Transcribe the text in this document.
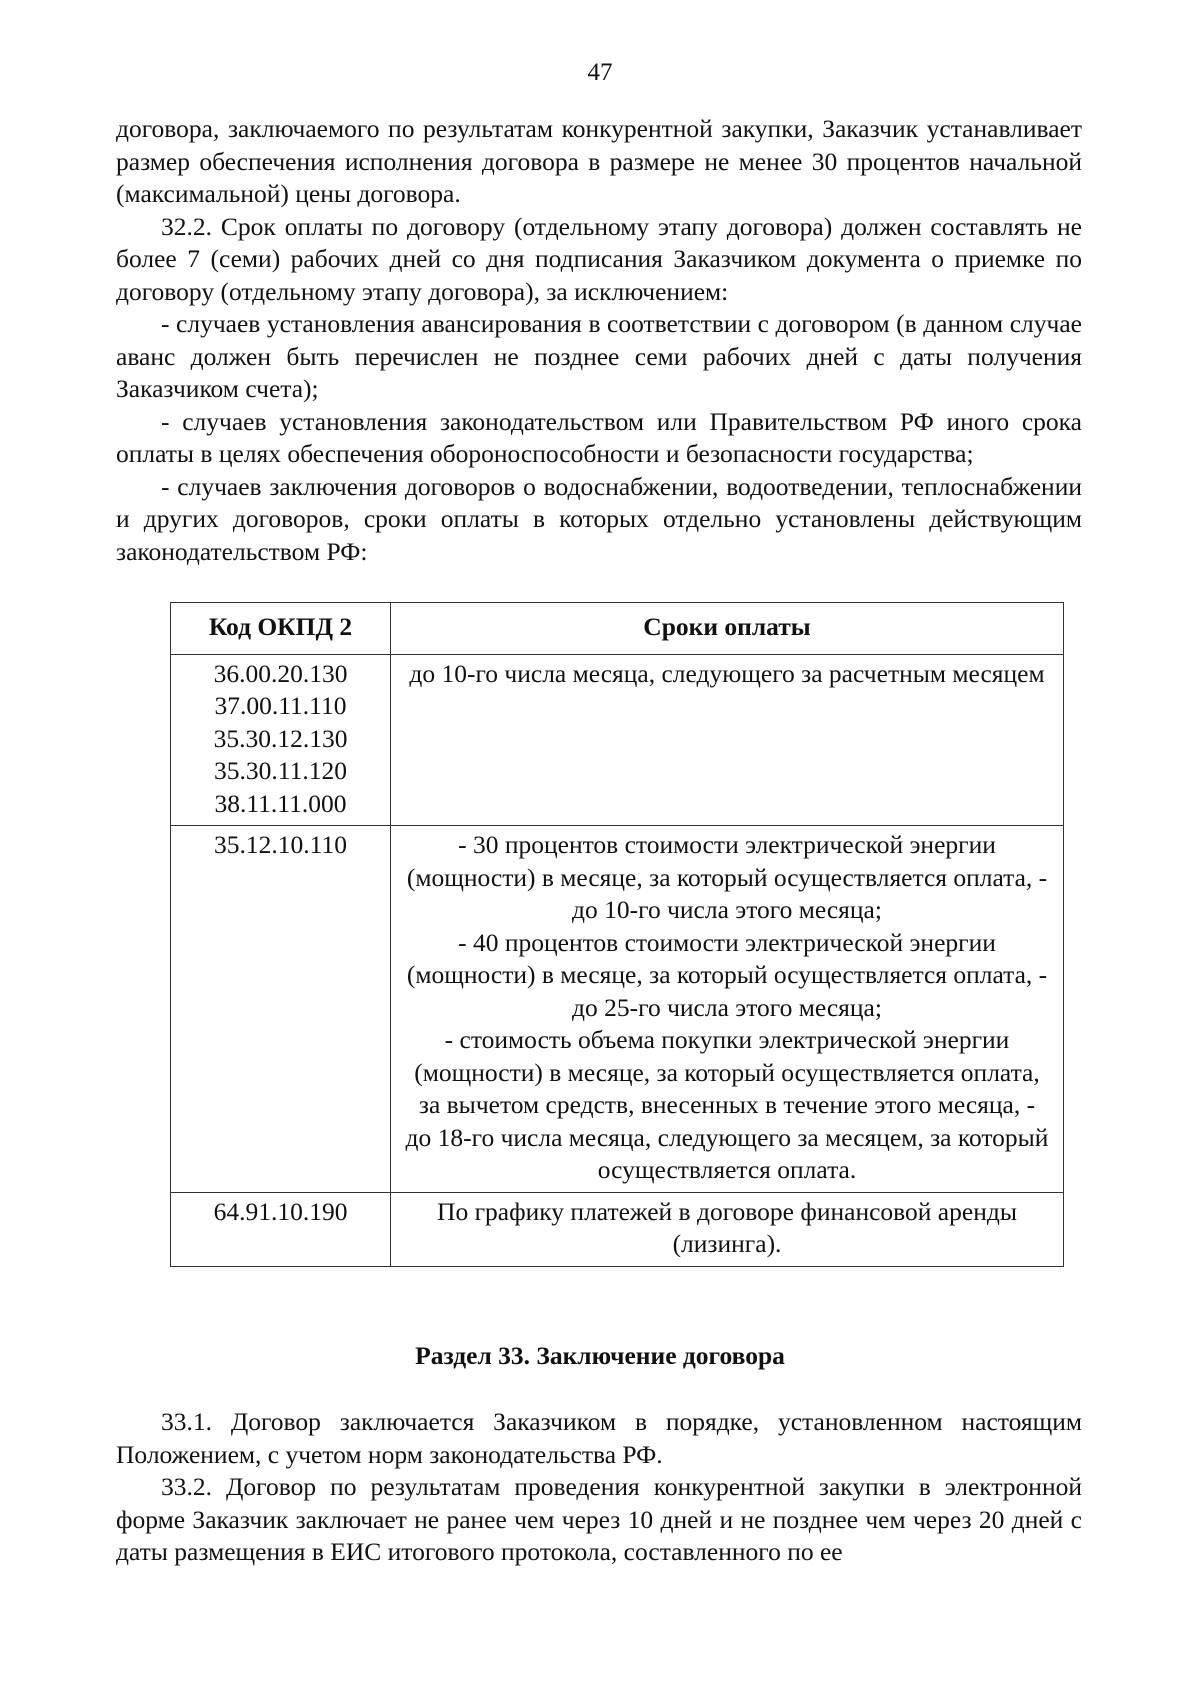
47

договора, заключаемого по результатам конкурентной закупки, Заказчик устанавливает размер обеспечения исполнения договора в размере не менее 30 процентов начальной (максимальной) цены договора.

32.2. Срок оплаты по договору (отдельному этапу договора) должен составлять не более 7 (семи) рабочих дней со дня подписания Заказчиком документа о приемке по договору (отдельному этапу договора), за исключением:

- случаев установления авансирования в соответствии с договором (в данном случае аванс должен быть перечислен не позднее семи рабочих дней с даты получения Заказчиком счета);

- случаев установления законодательством или Правительством РФ иного срока оплаты в целях обеспечения обороноспособности и безопасности государства;

- случаев заключения договоров о водоснабжении, водоотведении, теплоснабжении и других договоров, сроки оплаты в которых отдельно установлены действующим законодательством РФ:

Код ОКПД 2	Сроки оплаты

36.00.20.130
37.00.11.110
35.30.12.130
35.30.11.120
38.11.11.000	до 10-го числа месяца, следующего за расчетным месяцем

35.12.10.110	- 30 процентов стоимости электрической энергии (мощности) в месяце, за который осуществляется оплата, - до 10-го числа этого месяца;
- 40 процентов стоимости электрической энергии (мощности) в месяце, за который осуществляется оплата, - до 25-го числа этого месяца;
- стоимость объема покупки электрической энергии (мощности) в месяце, за который осуществляется оплата, за вычетом средств, внесенных в течение этого месяца, - до 18-го числа месяца, следующего за месяцем, за который осуществляется оплата.

64.91.10.190	По графику платежей в договоре финансовой аренды (лизинга).
Раздел 33. Заключение договора

33.1. Договор заключается Заказчиком в порядке, установленном настоящим Положением, с учетом норм законодательства РФ.

33.2. Договор по результатам проведения конкурентной закупки в электронной форме Заказчик заключает не ранее чем через 10 дней и не позднее чем через 20 дней с даты размещения в ЕИС итогового протокола, составленного по ее
